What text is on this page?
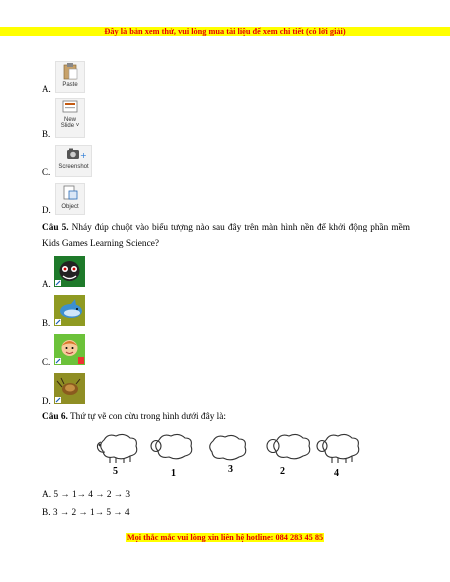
Đây là bản xem thử, vui lòng mua tài liệu để xem chi tiết (có lời giải)
Paste
A.
New
Slide ˅
B.
+
Screenshot
C.
Object
D.
Câu 5. Nháy đúp chuột vào biểu tượng nào sau đây trên màn hình nền để khởi động phần mềm Kids Games Learning Science?
A.
B.
C.
D.
Câu 6. Thứ tự vẽ con cừu trong hình dưới đây là:
5	1	3	2	4
A. 5 → 1→ 4 → 2 → 3
B. 3 → 2 → 1→ 5 → 4
Mọi thắc mắc vui lòng xin liên hệ hotline: 084 283 45 85
